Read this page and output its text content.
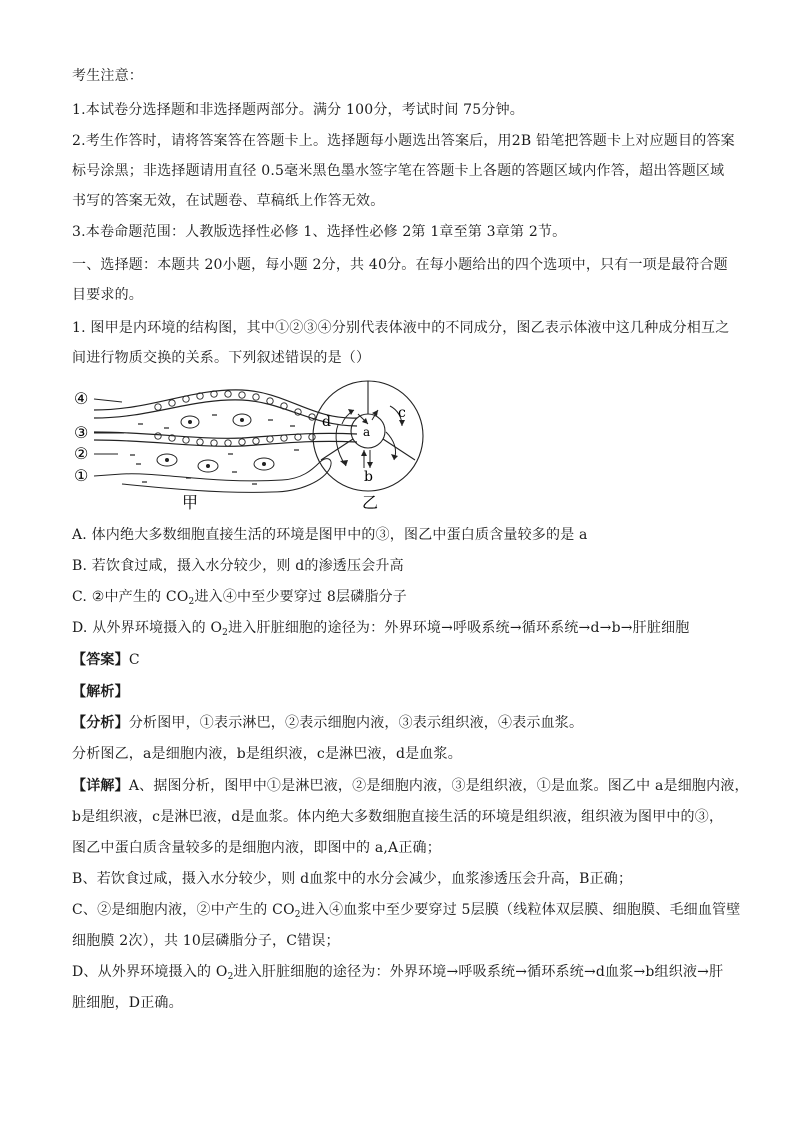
考生注意：
1.本试卷分选择题和非选择题两部分。满分 100分，考试时间 75分钟。
2.考生作答时，请将答案答在答题卡上。选择题每小题选出答案后，用2B 铅笔把答题卡上对应题目的答案
标号涂黑；非选择题请用直径 0.5毫米黑色墨水签字笔在答题卡上各题的答题区域内作答，超出答题区域
书写的答案无效，在试题卷、草稿纸上作答无效。
3.本卷命题范围：人教版选择性必修 1、选择性必修 2第 1章至第 3章第 2节。
一、选择题：本题共 20小题，每小题 2分，共 40分。在每小题给出的四个选项中，只有一项是最符合题
目要求的。
1. 图甲是内环境的结构图，其中①②③④分别代表体液中的不同成分，图乙表示体液中这几种成分相互之
间进行物质交换的关系。下列叙述错误的是（）
④
③
②
①
甲
a
b
c
d
乙
A. 体内绝大多数细胞直接生活的环境是图甲中的③，图乙中蛋白质含量较多的是 a
B. 若饮食过咸，摄入水分较少，则 d的渗透压会升高
C. ②中产生的 $CO_2$进入④中至少要穿过 8层磷脂分子
D. 从外界环境摄入的 $O_2$进入肝脏细胞的途径为：外界环境→呼吸系统→循环系统→d→b→肝脏细胞
【答案】C
【解析】
【分析】分析图甲，①表示淋巴，②表示细胞内液，③表示组织液，④表示血浆。
分析图乙，a是细胞内液，b是组织液，c是淋巴液，d是血浆。
【详解】A、据图分析，图甲中①是淋巴液，②是细胞内液，③是组织液，①是血浆。图乙中 a是细胞内液，
b是组织液，c是淋巴液，d是血浆。体内绝大多数细胞直接生活的环境是组织液，组织液为图甲中的③，
图乙中蛋白质含量较多的是细胞内液，即图中的 a,A正确；
B、若饮食过咸，摄入水分较少，则 d血浆中的水分会减少，血浆渗透压会升高，B正确；
C、②是细胞内液，②中产生的 $CO_2$进入④血浆中至少要穿过 5层膜（线粒体双层膜、细胞膜、毛细血管壁
细胞膜 2次），共 10层磷脂分子，C错误；
D、从外界环境摄入的 $O_2$进入肝脏细胞的途径为：外界环境→呼吸系统→循环系统→d血浆→b组织液→肝
脏细胞，D正确。
